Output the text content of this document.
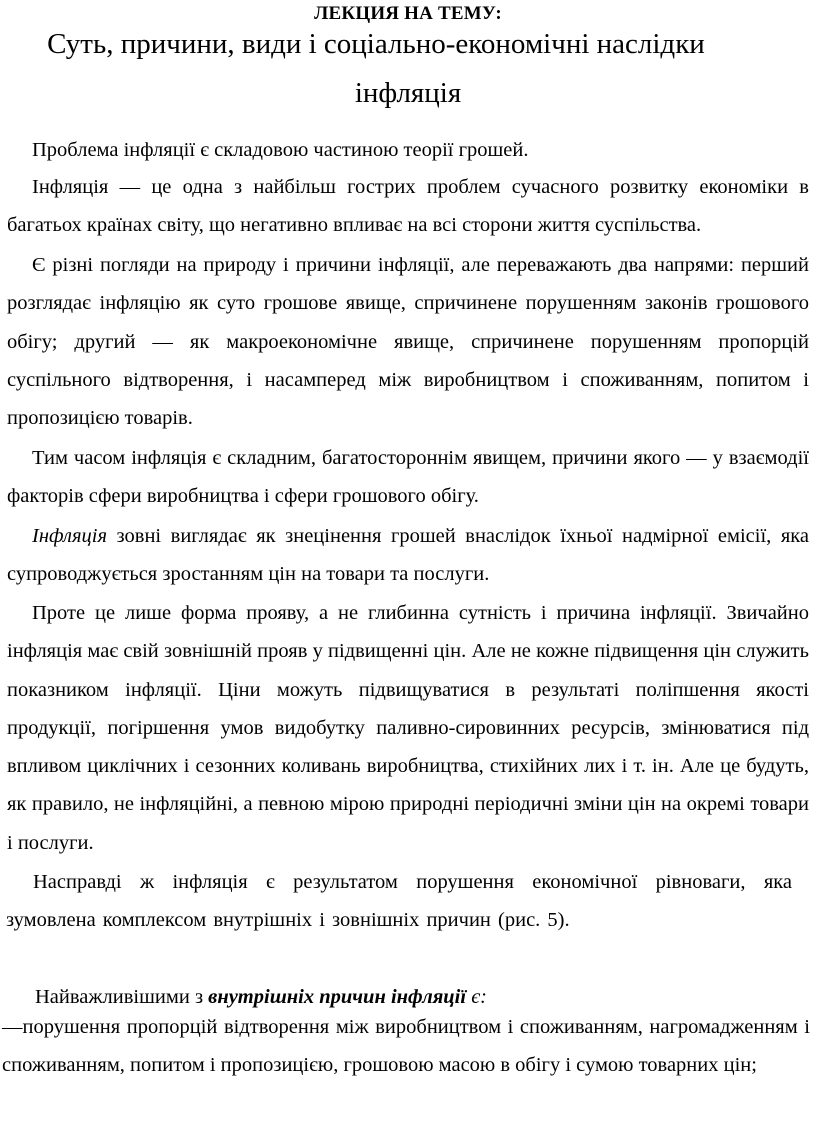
ЛЕКЦИЯ НА ТЕМУ:
Суть, причини, види і соціально-економічні наслідки
інфляція
Проблема інфляції є складовою частиною теорії грошей.
Інфляція — це одна з найбільш гострих проблем сучасного розвитку економіки в багатьох країнах світу, що негативно впливає на всі сторони життя суспільства.
Є різні погляди на природу і причини інфляції, але переважають два напрями: перший розглядає інфляцію як суто грошове явище, спричинене порушенням законів грошового обігу; другий — як макроекономічне явище, спричинене порушенням пропорцій суспільного відтворення, і насамперед між виробництвом і споживанням, попитом і пропозицією товарів.
Тим часом інфляція є складним, багатостороннім явищем, причини якого — у взаємодії факторів сфери виробництва і сфери грошового обігу.
Інфляція зовні виглядає як знецінення грошей внаслідок їхньої надмірної емісії, яка супроводжується зростанням цін на товари та послуги.
Проте це лише форма прояву, а не глибинна сутність і причина інфляції. Звичайно інфляція має свій зовнішній прояв у підвищенні цін. Але не кожне підвищення цін служить показником інфляції. Ціни можуть підвищуватися в результаті поліпшення якості продукції, погіршення умов видобутку паливно-сировинних ресурсів, змінюватися під впливом циклічних і сезонних коливань виробництва, стихійних лих і т. ін. Але це будуть, як правило, не інфляційні, а певною мірою природні періодичні зміни цін на окремі товари і послуги.
Насправді ж інфляція є результатом порушення економічної рівноваги, яка зумовлена комплексом внутрішніх і зовнішніх причин (рис. 5).
Найважливішими з внутрішніх причин інфляції є:
—порушення пропорцій відтворення між виробництвом і споживанням, нагромадженням і споживанням, попитом і пропозицією, грошовою масою в обігу і сумою товарних цін;
